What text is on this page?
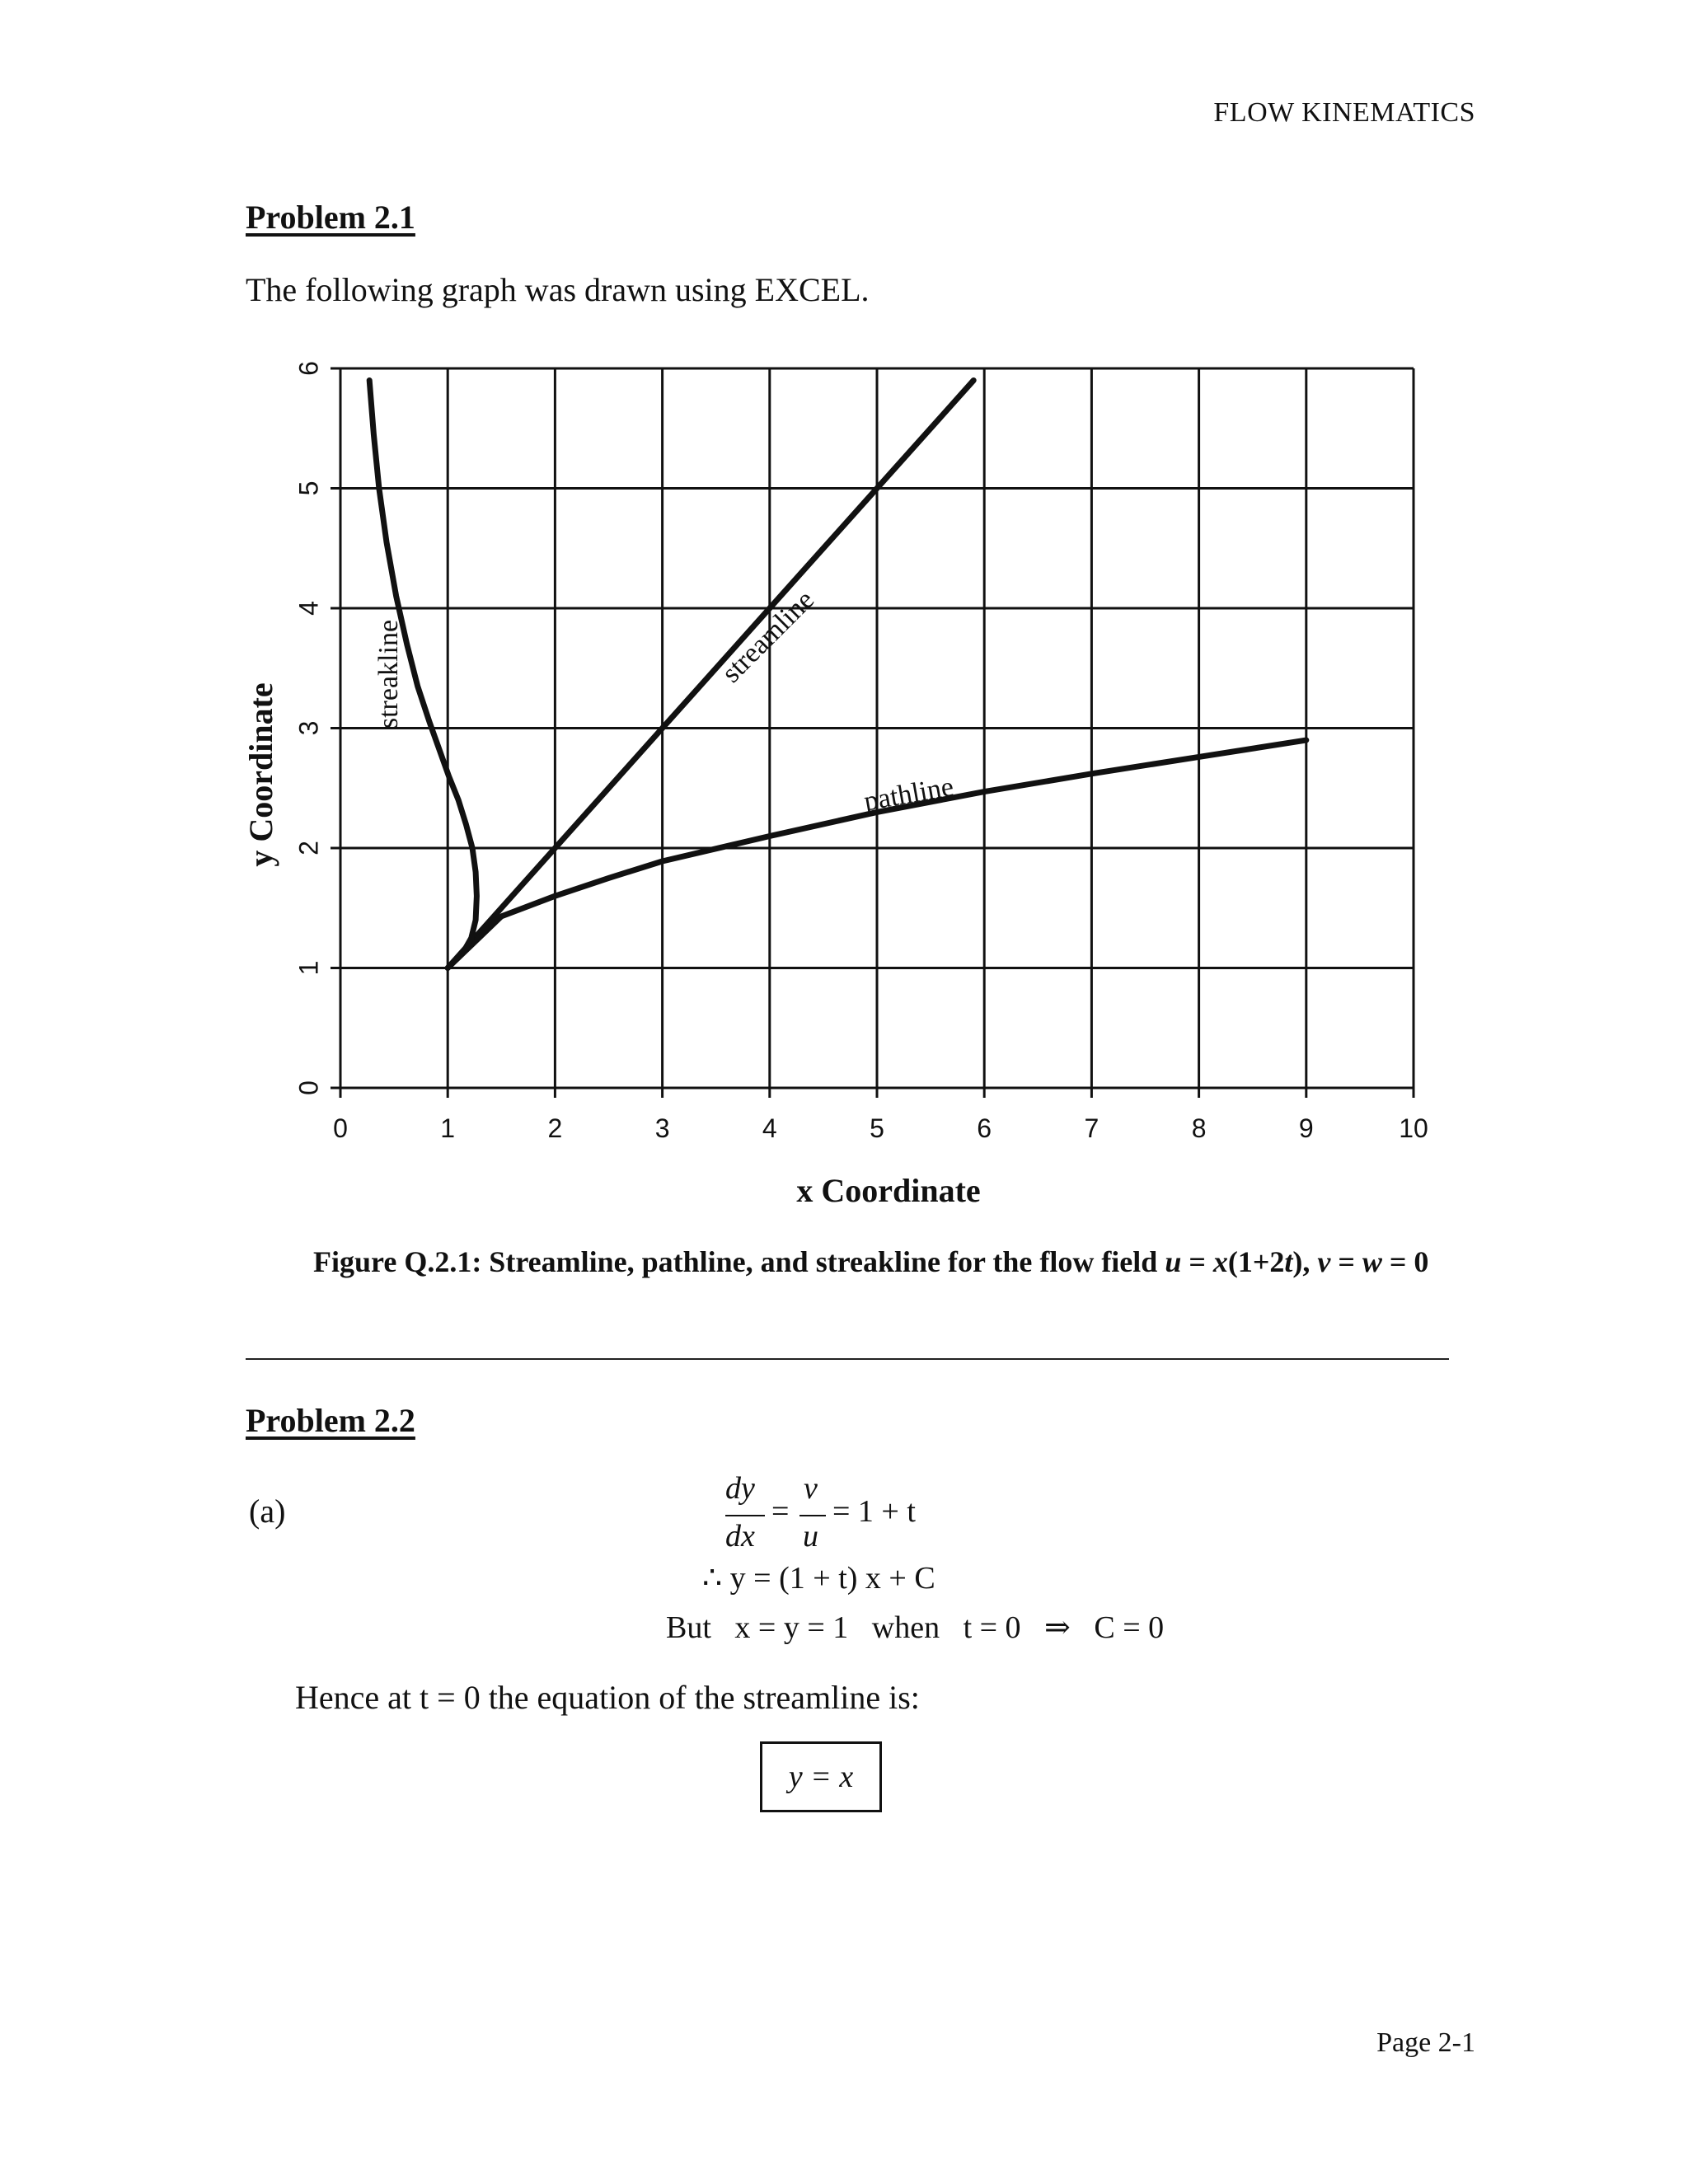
FLOW KINEMATICS
Problem 2.1
The following graph was drawn using EXCEL.
streamline
pathline
streakline
0	1	2	3	4	5	6	7	8	9	10
0
1
2
3
4
5
6
x Coordinate
y Coordinate
Figure Q.2.1: Streamline, pathline, and streakline for the flow field u = x(1+2t), v = w = 0
Problem 2.2
(a)
dy
dx
=
v
u
= 1 + t
∴ y = (1 + t) x + C
But   x = y = 1   when   t = 0   ⇒   C = 0
Hence at t = 0 the equation of the streamline is:
y = x
Page 2-1
